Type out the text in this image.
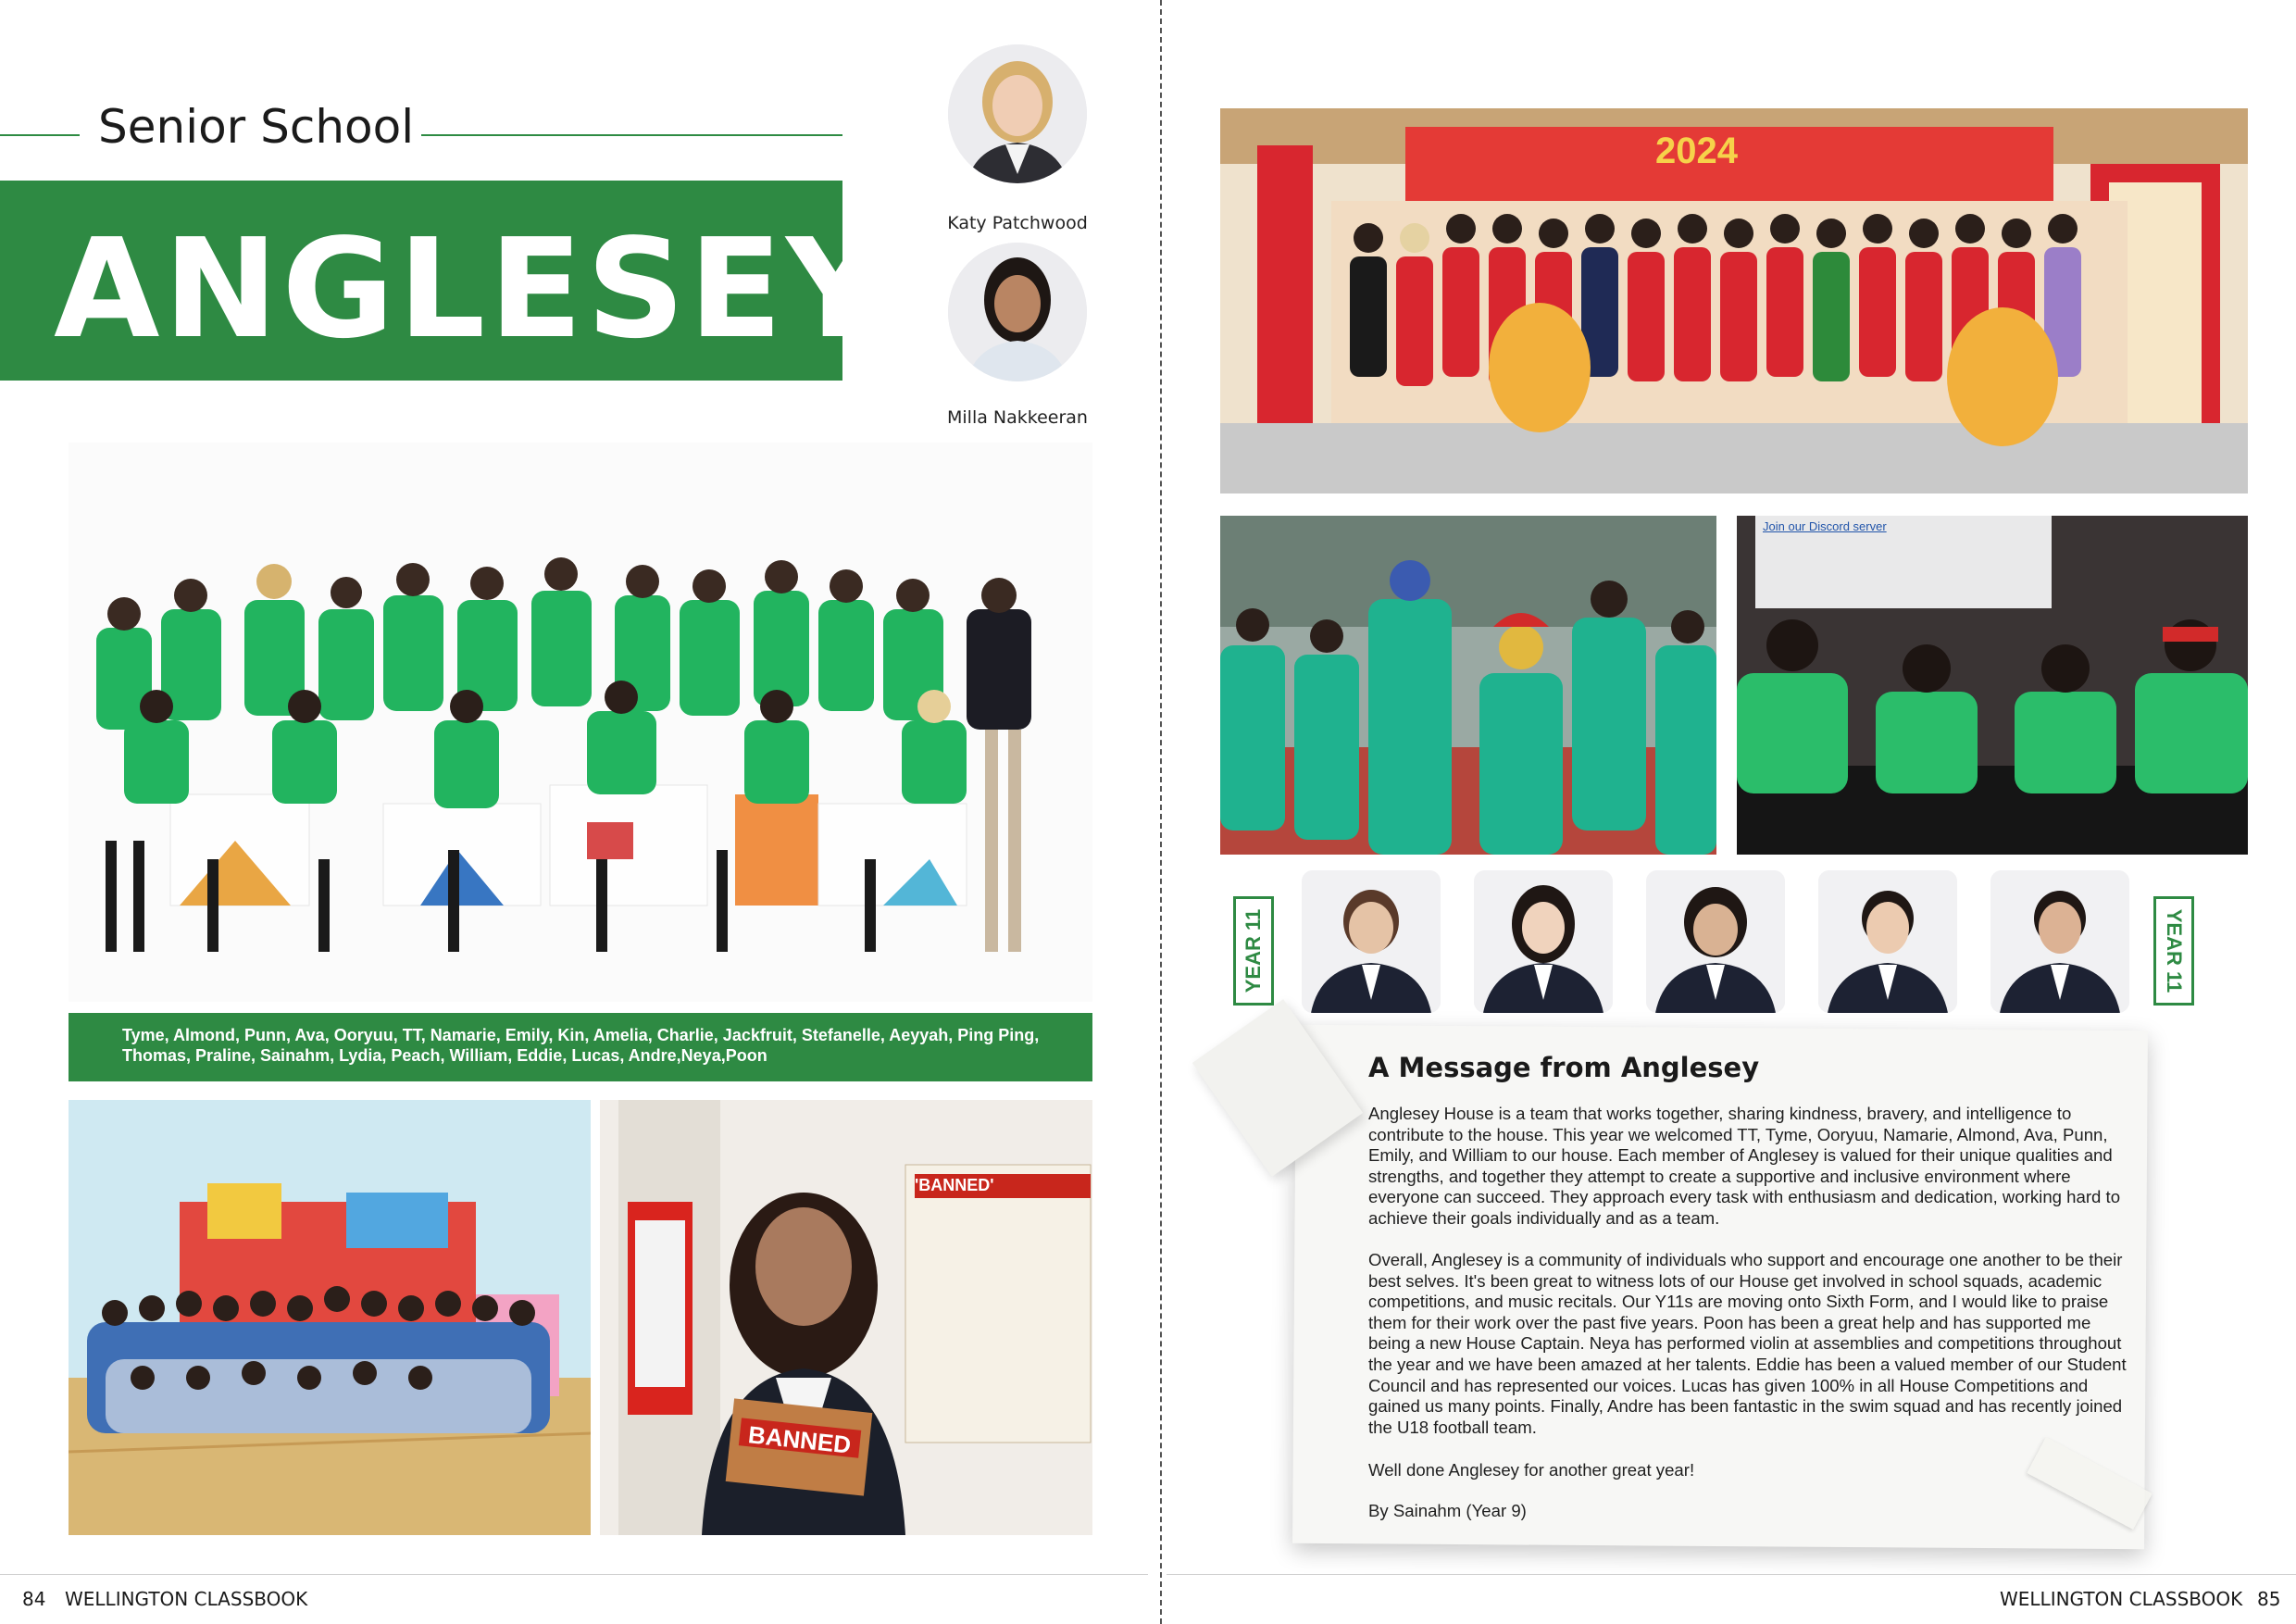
Senior School
ANGLESEY	Katy Patchwood
Milla Nakkeeran
Tyme, Almond, Punn, Ava, Ooryuu, TT, Namarie, Emily, Kin, Amelia, Charlie, Jackfruit, Stefanelle, Aeyyah, Ping Ping, Thomas, Praline, Sainahm, Lydia, Peach, William, Eddie, Lucas, Andre,Neya,Poon
'BANNED'
BANNED
84 WELLINGTON CLASSBOOK
2024
Join our Discord server
YEAR 11	YEAR 11
A Message from Anglesey
Anglesey House is a team that works together, sharing kindness, bravery, and intelligence to contribute to the house. This year we welcomed TT, Tyme, Ooryuu, Namarie, Almond, Ava, Punn, Emily, and William to our house. Each member of Anglesey is valued for their unique qualities and strengths, and together they attempt to create a supportive and inclusive environment where everyone can succeed. They approach every task with enthusiasm and dedication, working hard to achieve their goals individually and as a team.
Overall, Anglesey is a community of individuals who support and encourage one another to be their best selves. It's been great to witness lots of our House get involved in school squads, academic competitions, and music recitals. Our Y11s are moving onto Sixth Form, and I would like to praise them for their work over the past five years. Poon has been a great help and has supported me being a new House Captain. Neya has performed violin at assemblies and competitions throughout the year and we have been amazed at her talents. Eddie has been a valued member of our Student Council and has represented our voices. Lucas has given 100% in all House Competitions and gained us many points. Finally, Andre has been fantastic in the swim squad and has recently joined the U18 football team.
Well done Anglesey for another great year!
By Sainahm (Year 9)
WELLINGTON CLASSBOOK 85
